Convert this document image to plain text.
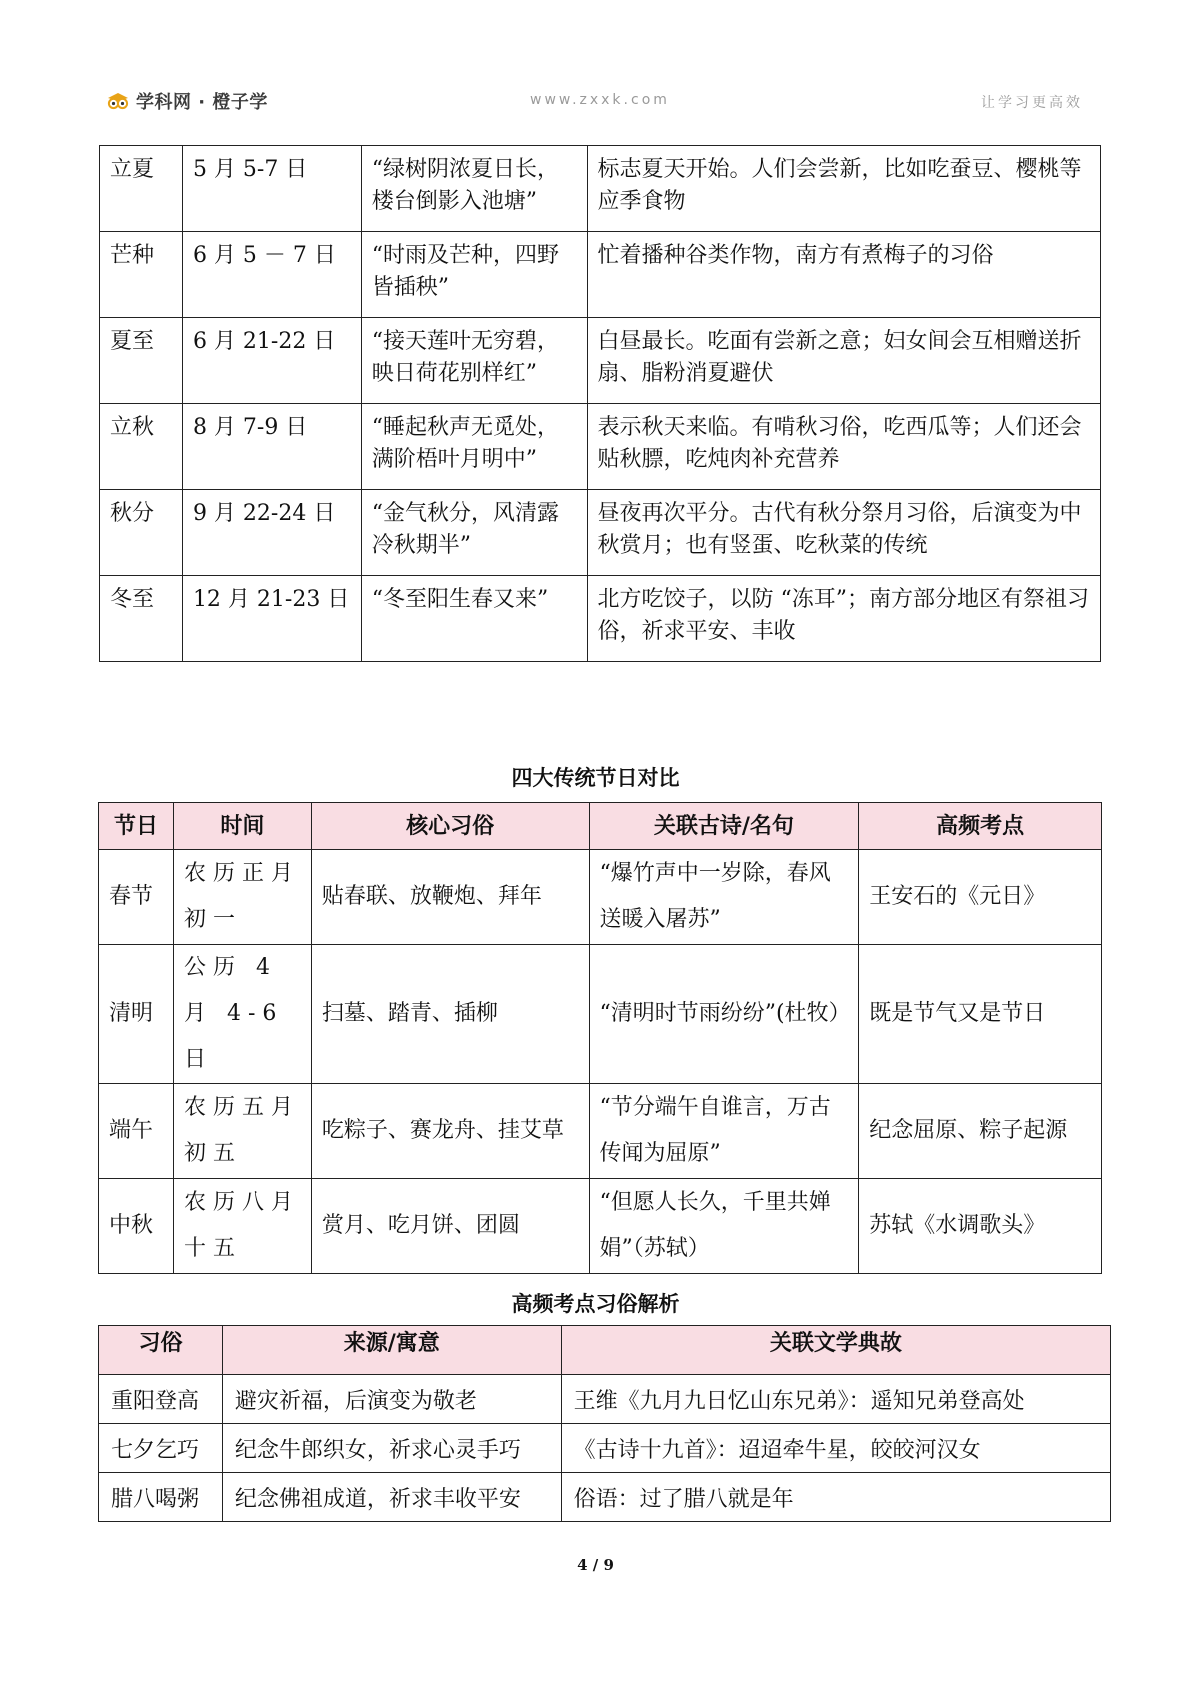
学科网 · 橙子学	www.zxxk.com	让学习更高效
立夏	5 月 5-7 日	“绿树阴浓夏日长，楼台倒影入池塘”	标志夏天开始。人们会尝新，比如吃蚕豆、樱桃等应季食物
芒种	6 月 5 － 7 日	“时雨及芒种，四野皆插秧”	忙着播种谷类作物，南方有煮梅子的习俗
夏至	6 月 21-22 日	“接天莲叶无穷碧，映日荷花别样红”	白昼最长。吃面有尝新之意；妇女间会互相赠送折扇、脂粉消夏避伏
立秋	8 月 7-9 日	“睡起秋声无觅处，满阶梧叶月明中”	表示秋天来临。有啃秋习俗，吃西瓜等；人们还会贴秋膘，吃炖肉补充营养
秋分	9 月 22-24 日	“金气秋分，风清露冷秋期半”	昼夜再次平分。古代有秋分祭月习俗，后演变为中秋赏月；也有竖蛋、吃秋菜的传统
冬至	12 月 21-23 日	“冬至阳生春又来”	北方吃饺子，以防 “冻耳”；南方部分地区有祭祖习俗，祈求平安、丰收
四大传统节日对比
节日	时间	核心习俗	关联古诗/名句	高频考点
春节	农历正月初一	贴春联、放鞭炮、拜年	“爆竹声中一岁除，春风送暖入屠苏”	王安石的《元日》
清明	公历 4 月 4-6 日	扫墓、踏青、插柳	“清明时节雨纷纷”(杜牧）	既是节气又是节日
端午	农历五月初五	吃粽子、赛龙舟、挂艾草	“节分端午自谁言，万古传闻为屈原”	纪念屈原、粽子起源
中秋	农历八月十五	赏月、吃月饼、团圆	“但愿人长久，千里共婵娟”（苏轼）	苏轼《水调歌头》
高频考点习俗解析
习俗	来源/寓意	关联文学典故
重阳登高	避灾祈福，后演变为敬老	王维《九月九日忆山东兄弟》：遥知兄弟登高处
七夕乞巧	纪念牛郎织女，祈求心灵手巧	《古诗十九首》：迢迢牵牛星，皎皎河汉女
腊八喝粥	纪念佛祖成道，祈求丰收平安	俗语：过了腊八就是年
4 / 9
